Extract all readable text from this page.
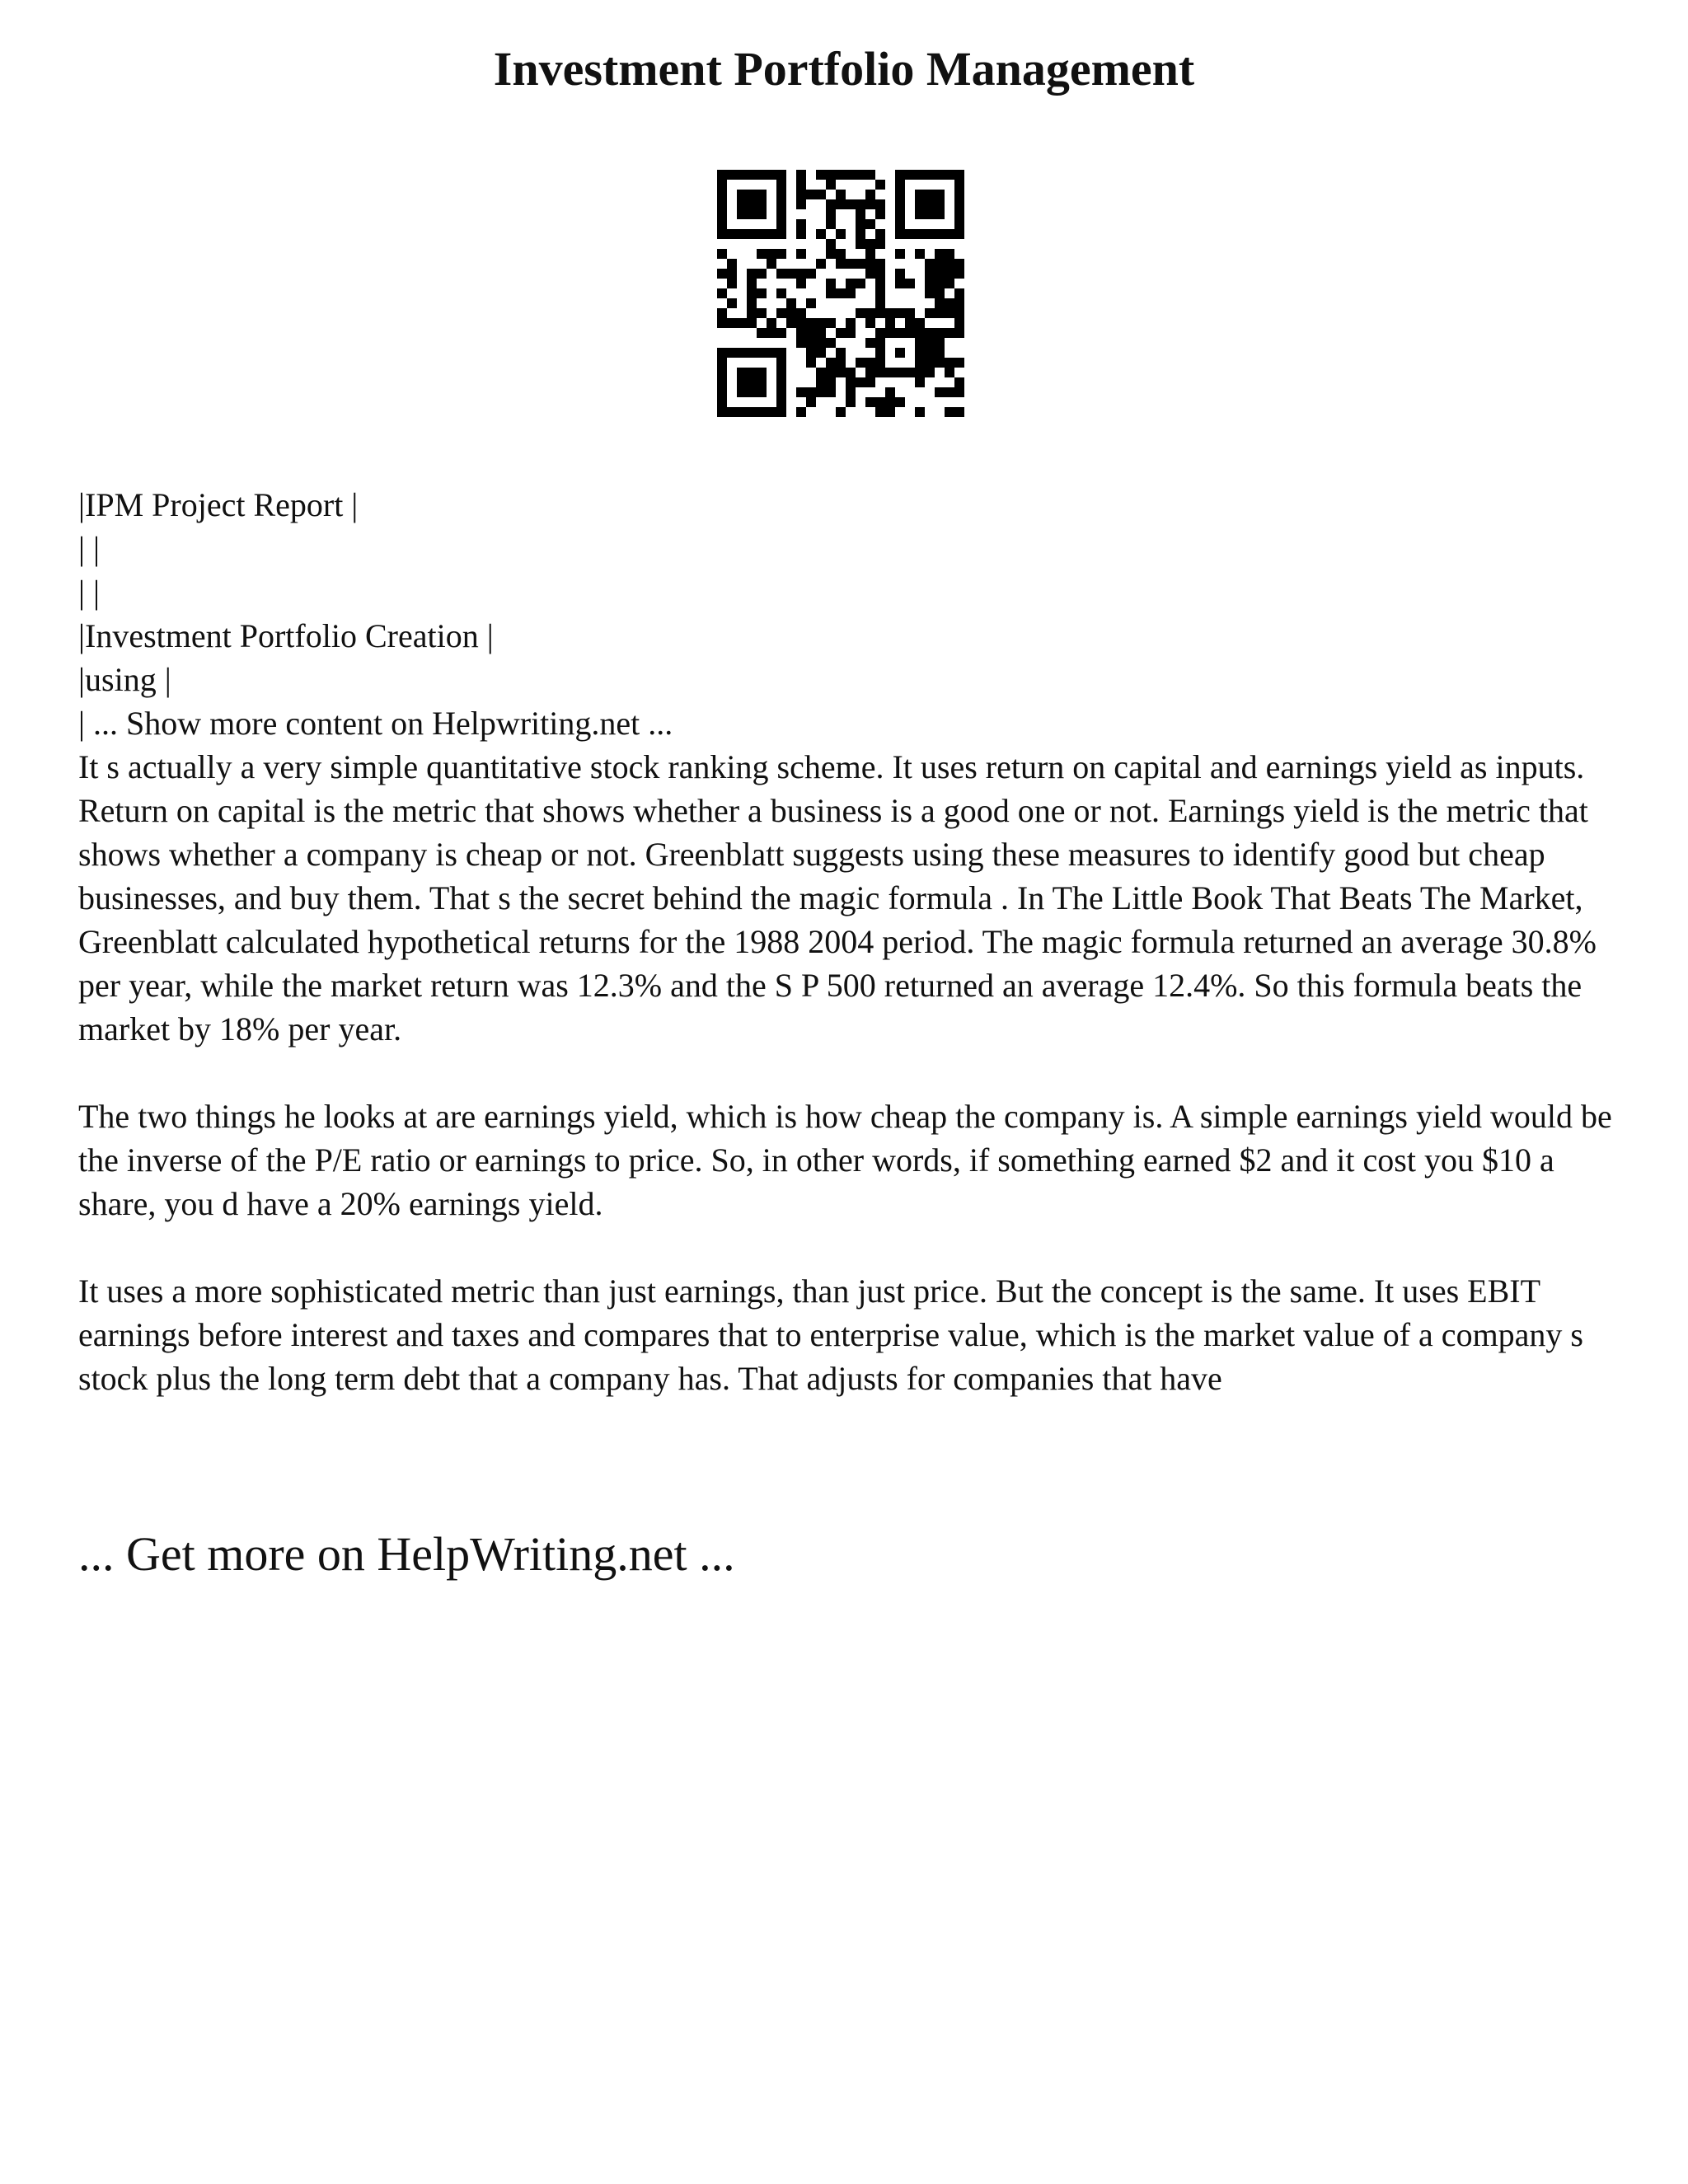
Investment Portfolio Management
|IPM Project Report |
| |
| |
|Investment Portfolio Creation |
|using |
| ... Show more content on Helpwriting.net ...

It s actually a very simple quantitative stock ranking scheme. It uses return on capital and earnings yield as inputs. Return on capital is the metric that shows whether a business is a good one or not. Earnings yield is the metric that shows whether a company is cheap or not. Greenblatt suggests using these measures to identify good but cheap businesses, and buy them. That s the secret behind the magic formula . In The Little Book That Beats The Market, Greenblatt calculated hypothetical returns for the 1988 2004 period. The magic formula returned an average 30.8% per year, while the market return was 12.3% and the S P 500 returned an average 12.4%. So this formula beats the market by 18% per year.

The two things he looks at are earnings yield, which is how cheap the company is. A simple earnings yield would be the inverse of the P/E ratio or earnings to price. So, in other words, if something earned $2 and it cost you $10 a share, you d have a 20% earnings yield.

It uses a more sophisticated metric than just earnings, than just price. But the concept is the same. It uses EBIT earnings before interest and taxes and compares that to enterprise value, which is the market value of a company s stock plus the long term debt that a company has. That adjusts for companies that have

... Get more on HelpWriting.net ...
